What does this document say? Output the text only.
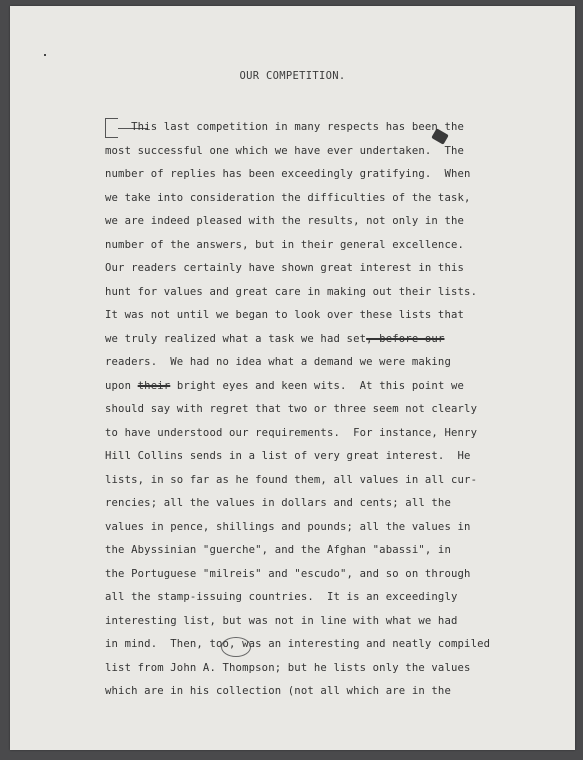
OUR COMPETITION.
This last competition in many respects has been the
most successful one which we have ever undertaken.  The
number of replies has been exceedingly gratifying.  When
we take into consideration the difficulties of the task,
we are indeed pleased with the results, not only in the
number of the answers, but in their general excellence.
Our readers certainly have shown great interest in this
hunt for values and great care in making out their lists.
It was not until we began to look over these lists that
we truly realized what a task we had set, before our
readers.  We had no idea what a demand we were making
upon their bright eyes and keen wits.  At this point we
should say with regret that two or three seem not clearly
to have understood our requirements.  For instance, Henry
Hill Collins sends in a list of very great interest.  He
lists, in so far as he found them, all values in all cur-
rencies; all the values in dollars and cents; all the
values in pence, shillings and pounds; all the values in
the Abyssinian "guerche", and the Afghan "abassi", in
the Portuguese "milreis" and "escudo", and so on through
all the stamp-issuing countries.  It is an exceedingly
interesting list, but was not in line with what we had
in mind.  Then, too, was an interesting and neatly compiled
list from John A. Thompson; but he lists only the values
which are in his collection (not all which are in the
